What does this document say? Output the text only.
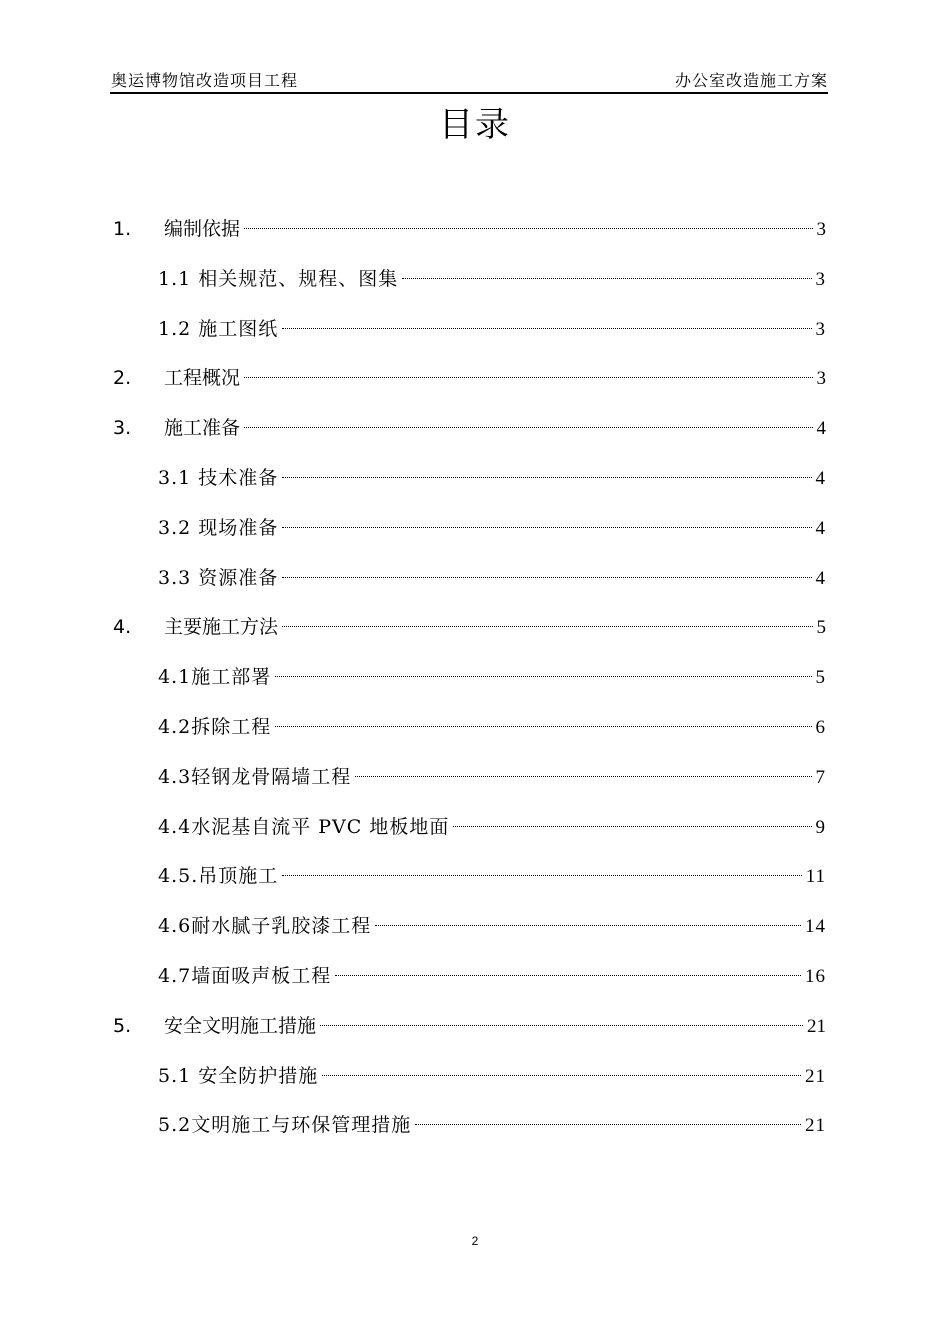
奥运博物馆改造项目工程	办公室改造施工方案
目录
1.	编制依据	3
1.1 相关规范、规程、图集	3
1.2 施工图纸	3
2.	工程概况	3
3.	施工准备	4
3.1 技术准备	4
3.2 现场准备	4
3.3 资源准备	4
4.	主要施工方法	5
4.1施工部署	5
4.2拆除工程	6
4.3轻钢龙骨隔墙工程	7
4.4水泥基自流平 PVC 地板地面	9
4.5.吊顶施工	11
4.6耐水腻子乳胶漆工程	14
4.7墙面吸声板工程	16
5.	安全文明施工措施	21
5.1 安全防护措施	21
5.2文明施工与环保管理措施	21
2
